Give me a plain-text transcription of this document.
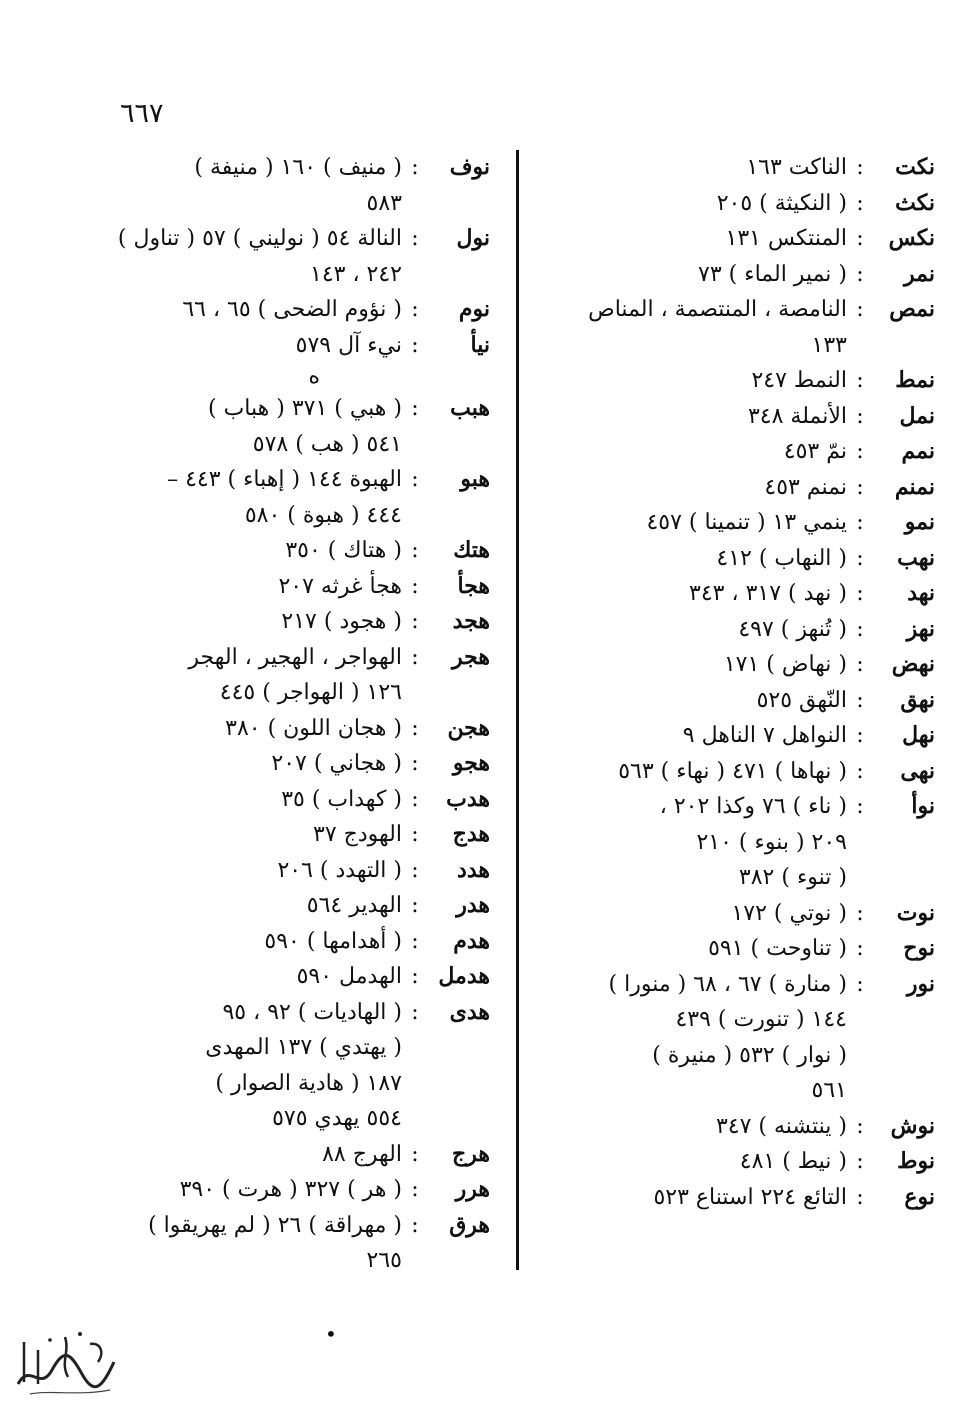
٦٦٧
نكت
:
الناكت ١٦٣
نكث
:
( النكيثة ) ٢٠٥
نكس
:
المنتكس ١٣١
نمر
:
( نمير الماء ) ٧٣
نمص
:
النامصة ، المنتصمة ، المناص
١٣٣
نمط
:
النمط ٢٤٧
نمل
:
الأنملة ٣٤٨
نمم
:
نمّ ٤٥٣
نمنم
:
نمنم ٤٥٣
نمو
:
ينمي ١٣ ( تنمينا ) ٤٥٧
نهب
:
( النهاب ) ٤١٢
نهد
:
( نهد ) ٣١٧ ، ٣٤٣
نهز
:
( تُنهز ) ٤٩٧
نهض
:
( نهاض ) ١٧١
نهق
:
النّهق ٥٢٥
نهل
:
النواهل ٧ الناهل ٩
نهى
:
( نهاها ) ٤٧١ ( نهاء ) ٥٦٣
نوأ
:
( ناء ) ٧٦ وكذا ٢٠٢ ،
٢٠٩ ( بنوء ) ٢١٠
( تنوء ) ٣٨٢
نوت
:
( نوتي ) ١٧٢
نوح
:
( تناوحت ) ٥٩١
نور
:
( منارة ) ٦٧ ، ٦٨ ( منورا )
١٤٤ ( تنورت ) ٤٣٩
( نوار ) ٥٣٢ ( منيرة )
٥٦١
نوش
:
( ينتشنه ) ٣٤٧
نوط
:
( نيط ) ٤٨١
نوع
:
التائع ٢٢٤ استناع ٥٢٣
نوف
:
( منيف ) ١٦٠ ( منيفة )
٥٨٣
نول
:
النالة ٥٤ ( نوليني ) ٥٧ ( تناول )
٢٤٢ ، ١٤٣
نوم
:
( نؤوم الضحى ) ٦٥ ، ٦٦
نيأ
:
نيء آل ٥٧٩
ه
هبب
:
( هبي ) ٣٧١ ( هباب )
٥٤١ ( هب ) ٥٧٨
هبو
:
الهبوة ١٤٤ ( إهباء ) ٤٤٣ –
٤٤٤ ( هبوة ) ٥٨٠
هتك
:
( هتاك ) ٣٥٠
هجأ
:
هجأ غرثه ٢٠٧
هجد
:
( هجود ) ٢١٧
هجر
:
الهواجر ، الهجير ، الهجر
١٢٦ ( الهواجر ) ٤٤٥
هجن
:
( هجان اللون ) ٣٨٠
هجو
:
( هجاني ) ٢٠٧
هدب
:
( كهداب ) ٣٥
هدج
:
الهودج ٣٧
هدد
:
( التهدد ) ٢٠٦
هدر
:
الهدير ٥٦٤
هدم
:
( أهدامها ) ٥٩٠
هدمل
:
الهدمل ٥٩٠
هدى
:
( الهاديات ) ٩٢ ، ٩٥
( يهتدي ) ١٣٧ المهدى
١٨٧ ( هادية الصوار )
٥٥٤ يهدي ٥٧٥
هرج
:
الهرج ٨٨
هرر
:
( هر ) ٣٢٧ ( هرت ) ٣٩٠
هرق
:
( مهراقة ) ٢٦ ( لم يهريقوا ) ٢٦٥
•
